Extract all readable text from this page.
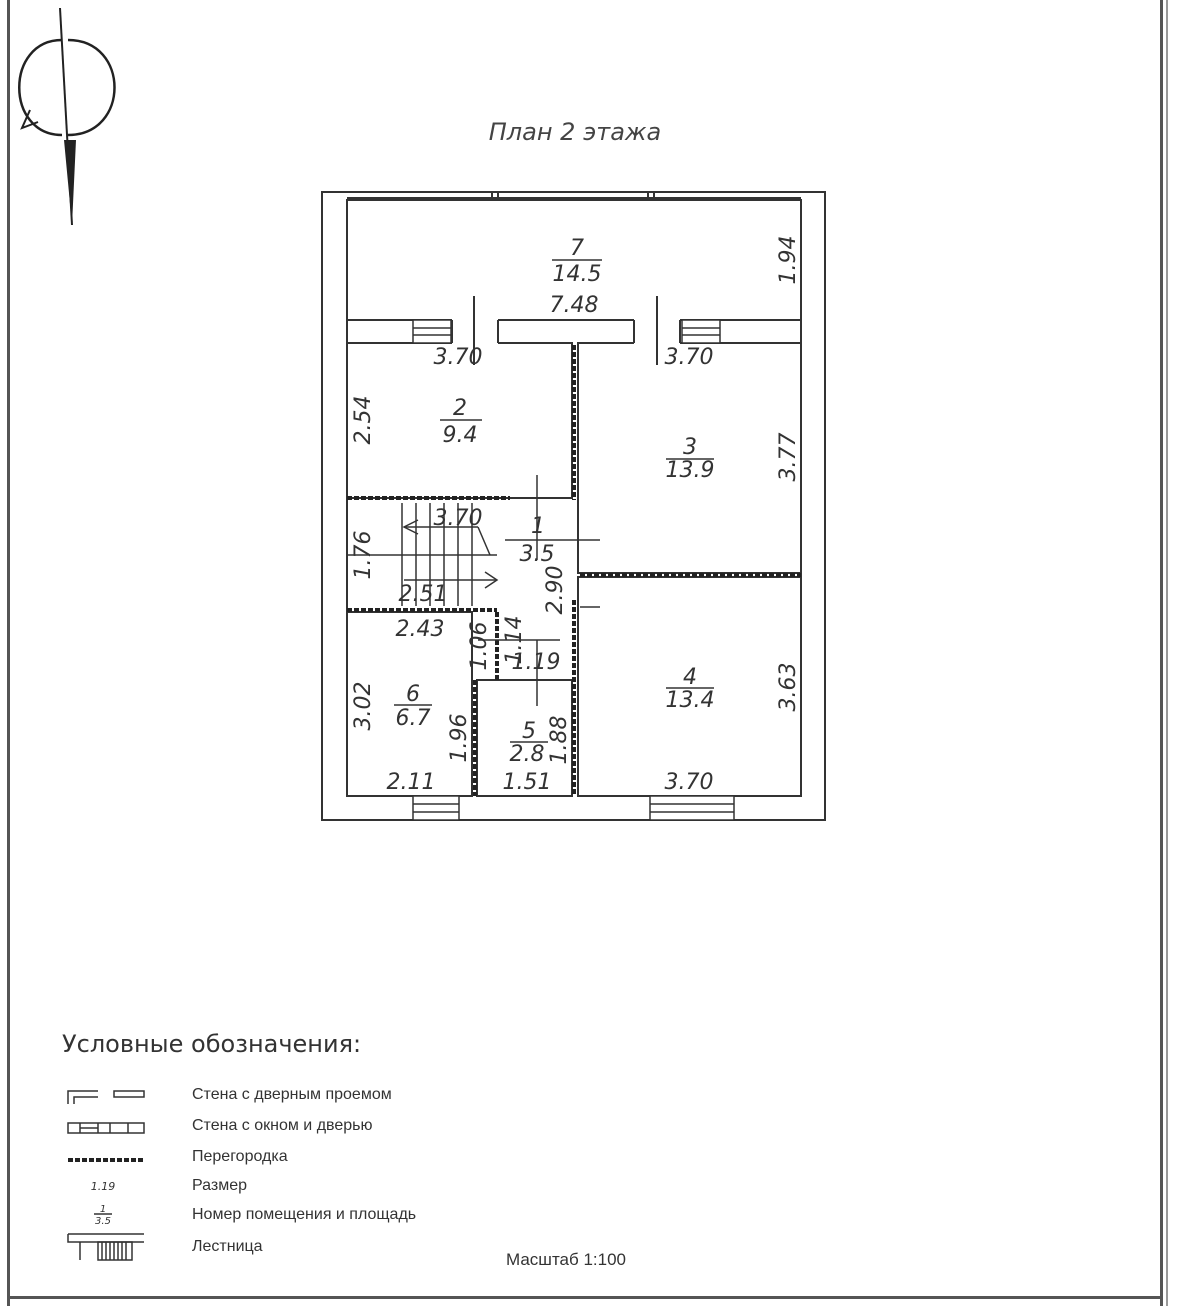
План 2 этажа
7
14.5
2
9.4	3
13.9
1
3.5
4
13.4
6
6.7
5
2.8
1.94
7.48
3.70	3.70
2.54
3.77
3.70
1.76
2.51	2.90
2.43 1.06 1.14
1.19
3.63
3.02
1.96	1.88
2.11	1.51	3.70
1.19
1
3.5
Условные обозначения:
Стена с дверным проемом
Стена с окном и дверью
Перегородка
Размер
Номер помещения и площадь
Лестница
Масштаб 1:100
